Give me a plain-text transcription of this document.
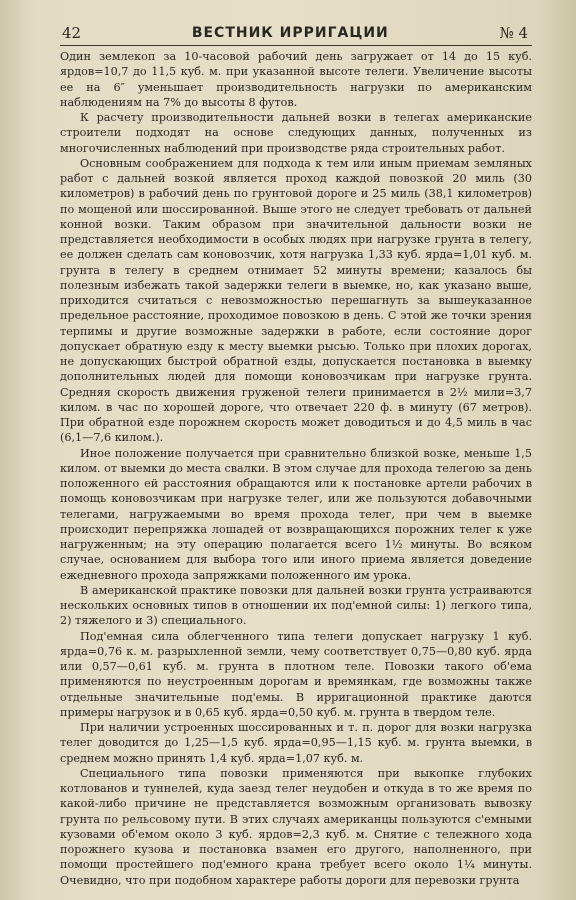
42	ВЕСТНИК ИРРИГАЦИИ	№ 4

Один землекоп за 10-часовой рабочий день загружает от 14 до 15 куб. ярдов=10,7 до 11,5 куб. м. при указанной высоте телеги. Увеличение высоты ее на 6″ уменьшает производительность нагрузки по американским наблюдениям на 7% до высоты 8 футов.

К расчету производительности дальней возки в телегах американские строители подходят на основе следующих данных, полученных из многочисленных наблюдений при производстве ряда строительных работ.

Основным соображением для подхода к тем или иным приемам земляных работ с дальней возкой является проход каждой повозкой 20 миль (30 километров) в рабочий день по грунтовой дороге и 25 миль (38,1 километров) по мощеной или шоссированной. Выше этого не следует требовать от дальней конной возки. Таким образом при значительной дальности возки не представляется необходимости в особых людях при нагрузке грунта в телегу, ее должен сделать сам коновозчик, хотя нагрузка 1,33 куб. ярда=1,01 куб. м. грунта в телегу в среднем отнимает 52 минуты времени; казалось бы полезным избежать такой задержки телеги в выемке, но, как указано выше, приходится считаться с невозможностью перешагнуть за вышеуказанное предельное расстояние, проходимое повозкою в день. С этой же точки зрения терпимы и другие возможные задержки в работе, если состояние дорог допускает обратную езду к месту выемки рысью. Только при плохих дорогах, не допускающих быстрой обратной езды, допускается постановка в выемку дополнительных людей для помощи коновозчикам при нагрузке грунта. Средняя скорость движения груженой телеги принимается в 2½ мили=3,7 килом. в час по хорошей дороге, что отвечает 220 ф. в минуту (67 метров). При обратной езде порожнем скорость может доводиться и до 4,5 миль в час (6,1—7,6 килом.).

Иное положение получается при сравнительно близкой возке, меньше 1,5 килом. от выемки до места свалки. В этом случае для прохода телегою за день положенного ей расстояния обращаются или к постановке артели рабочих в помощь коновозчикам при нагрузке телег, или же пользуются добавочными телегами, нагружаемыми во время прохода телег, при чем в выемке происходит перепряжка лошадей от возвращающихся порожних телег к уже нагруженным; на эту операцию полагается всего 1½ минуты. Во всяком случае, основанием для выбора того или иного приема является доведение ежедневного прохода запряжками положенного им урока.

В американской практике повозки для дальней возки грунта устраиваются нескольких основных типов в отношении их под'емной силы: 1) легкого типа, 2) тяжелого и 3) специального.

Под'емная сила облегченного типа телеги допускает нагрузку 1 куб. ярда=0,76 к. м. разрыхленной земли, чему соответствует 0,75—0,80 куб. ярда или 0,57—0,61 куб. м. грунта в плотном теле. Повозки такого об'ема применяются по неустроенным дорогам и времянкам, где возможны также отдельные значительные под'емы. В ирригационной практике даются примеры нагрузок и в 0,65 куб. ярда=0,50 куб. м. грунта в твердом теле.

При наличии устроенных шоссированных и т. п. дорог для возки нагрузка телег доводится до 1,25—1,5 куб. ярда=0,95—1,15 куб. м. грунта выемки, в среднем можно принять 1,4 куб. ярда=1,07 куб. м.

Специального типа повозки применяются при выкопке глубоких котлованов и туннелей, куда заезд телег неудобен и откуда в то же время по какой-либо причине не представляется возможным организовать вывозку грунта по рельсовому пути. В этих случаях американцы пользуются с'емными кузовами об'емом около 3 куб. ярдов=2,3 куб. м. Снятие с тележного хода порожнего кузова и постановка взамен его другого, наполненного, при помощи простейшего под'емного крана требует всего около 1¼ минуты. Очевидно, что при подобном характере работы дороги для перевозки грунта
